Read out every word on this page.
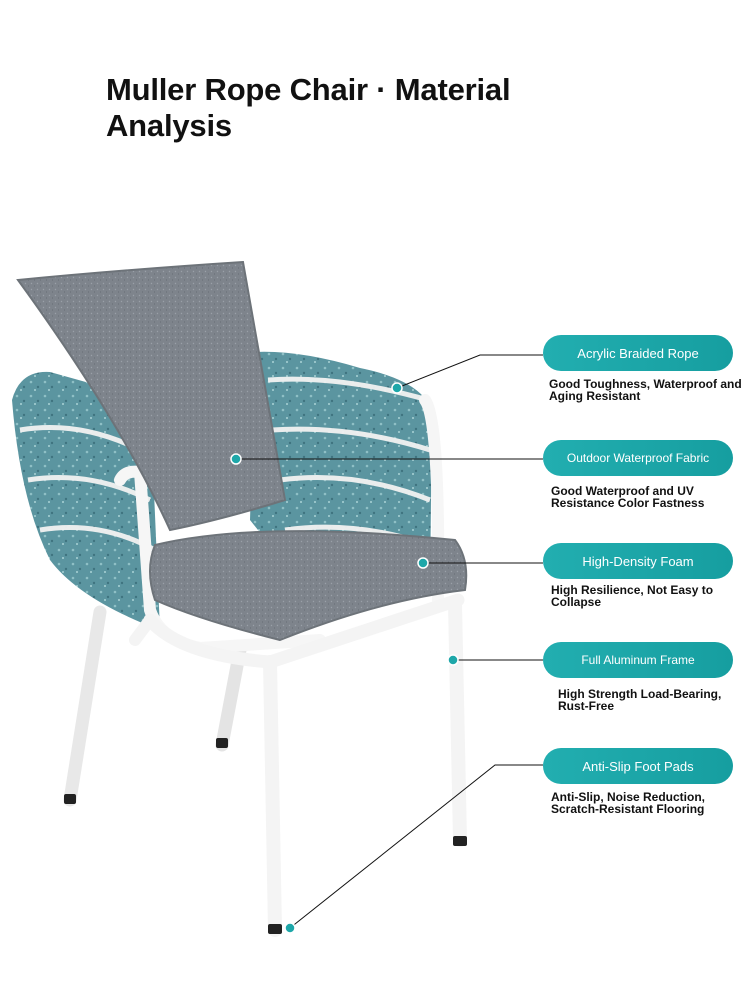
Muller Rope Chair · Material
Analysis
Acrylic Braided Rope
Good Toughness, Waterproof and
Aging Resistant
Outdoor Waterproof Fabric
Good Waterproof and UV
Resistance Color Fastness
High-Density Foam
High Resilience, Not Easy to
Collapse
Full Aluminum Frame
High Strength Load-Bearing,
Rust-Free
Anti-Slip Foot Pads
Anti-Slip, Noise Reduction,
Scratch-Resistant Flooring
